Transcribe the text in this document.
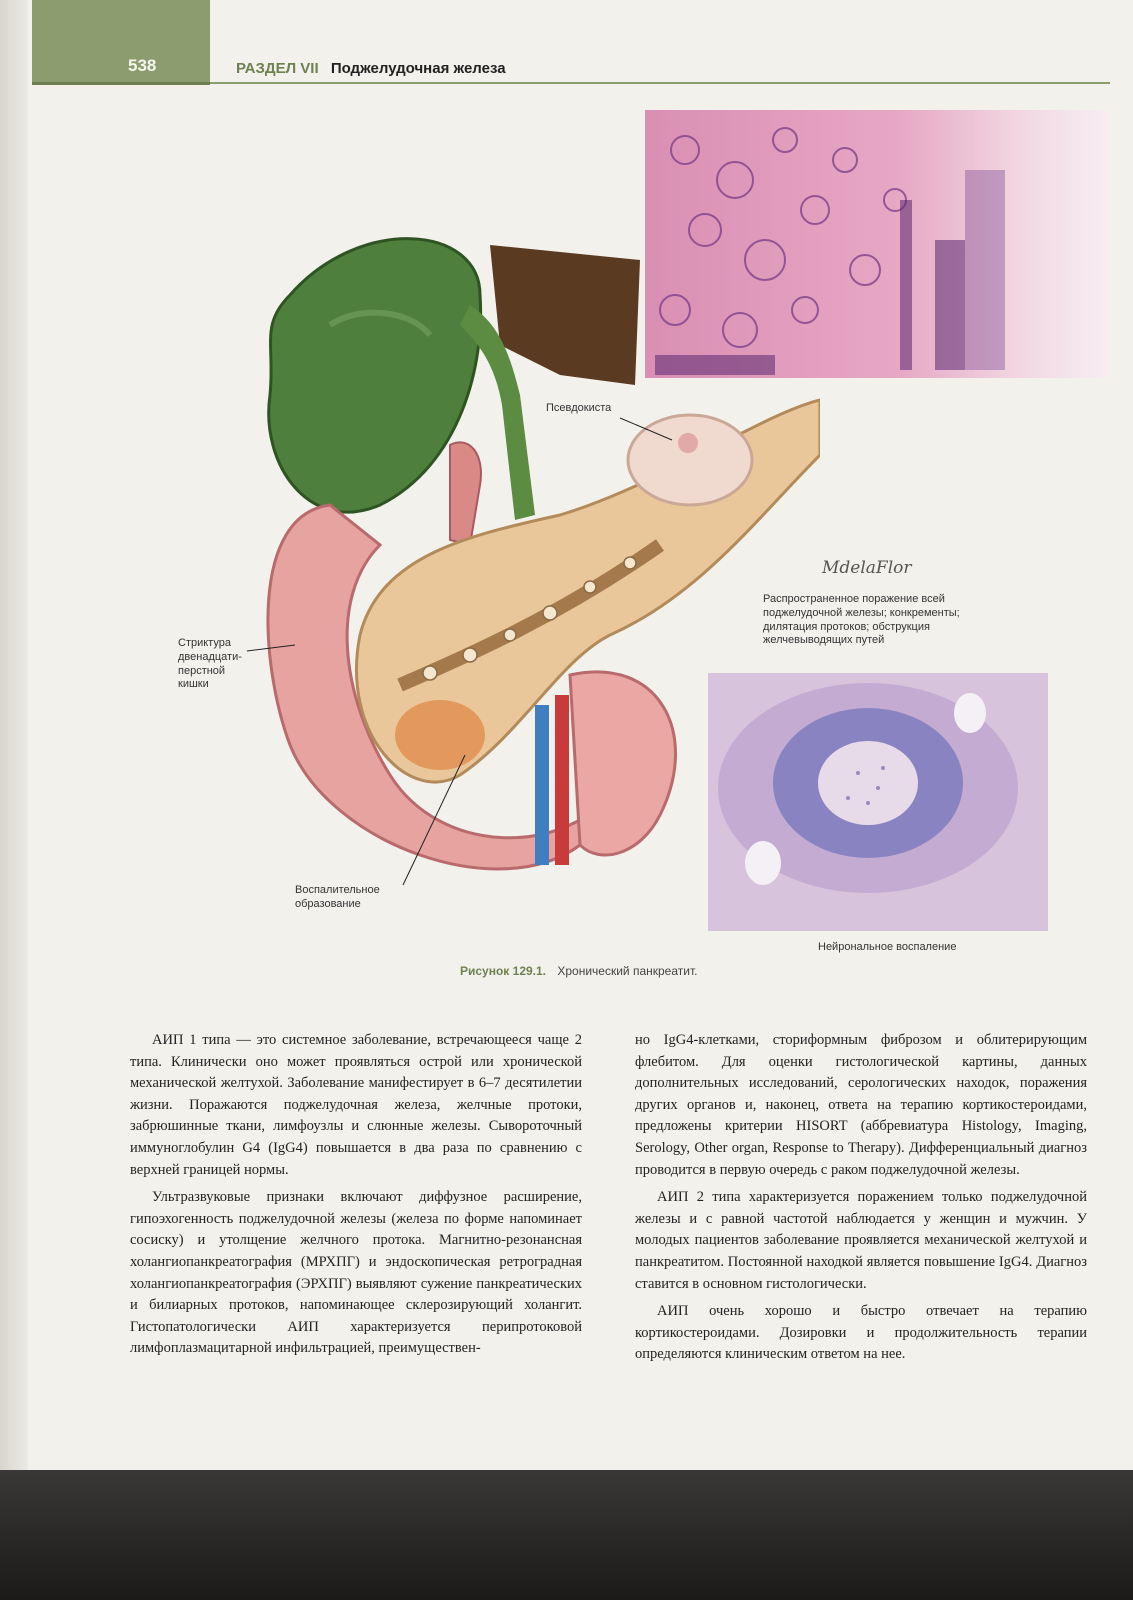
538	РАЗДЕЛ VII Поджелудочная железа
Псевдокиста
Стриктура
двенадцати-
перстной
кишки
MdelaFlor
Распространенное поражение всей
поджелудочной железы; конкременты;
дилятация протоков; обструкция
желчевыводящих путей
Воспалительное
образование
Нейрональное воспаление
Рисунок 129.1. Хронический панкреатит.

АИП 1 типа — это системное заболевание, встречающееся чаще 2 типа. Клинически оно может проявляться острой или хронической механической желтухой. Заболевание манифестирует в 6–7 десятилетии жизни. Поражаются поджелудочная железа, желчные протоки, забрюшинные ткани, лимфоузлы и слюнные железы. Сывороточный иммуноглобулин G4 (IgG4) повышается в два раза по сравнению с верхней границей нормы.

Ультразвуковые признаки включают диффузное расширение, гипоэхогенность поджелудочной железы (железа по форме напоминает сосиску) и утолщение желчного протока. Магнитно-резонансная холангиопанкреатография (МРХПГ) и эндоскопическая ретроградная холангиопанкреатография (ЭРХПГ) выявляют сужение панкреатических и билиарных протоков, напоминающее склерозирующий холангит. Гистопатологически АИП характеризуется перипротоковой лимфоплазмацитарной инфильтрацией, преимуществен-

но IgG4-клетками, сториформным фиброзом и облитерирующим флебитом. Для оценки гистологической картины, данных дополнительных исследований, серологических находок, поражения других органов и, наконец, ответа на терапию кортикостероидами, предложены критерии HISORT (аббревиатура Histology, Imaging, Serology, Other organ, Response to Therapy). Дифференциальный диагноз проводится в первую очередь с раком поджелудочной железы.

АИП 2 типа характеризуется поражением только поджелудочной железы и с равной частотой наблюдается у женщин и мужчин. У молодых пациентов заболевание проявляется механической желтухой и панкреатитом. Постоянной находкой является повышение IgG4. Диагноз ставится в основном гистологически.

АИП очень хорошо и быстро отвечает на терапию кортикостероидами. Дозировки и продолжительность терапии определяются клиническим ответом на нее.
